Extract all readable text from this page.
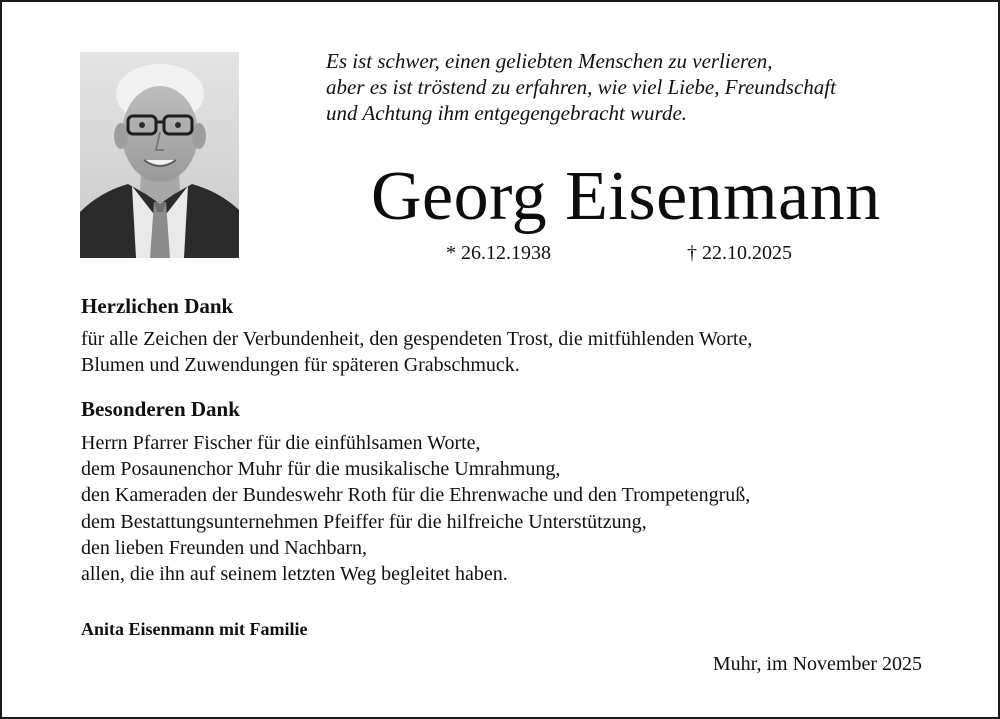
Es ist schwer, einen geliebten Menschen zu verlieren,
aber es ist tröstend zu erfahren, wie viel Liebe, Freundschaft
und Achtung ihm entgegengebracht wurde.
Georg Eisenmann
* 26.12.1938	† 22.10.2025
Herzlichen Dank
für alle Zeichen der Verbundenheit, den gespendeten Trost, die mitfühlenden Worte,
Blumen und Zuwendungen für späteren Grabschmuck.
Besonderen Dank
Herrn Pfarrer Fischer für die einfühlsamen Worte,
dem Posaunenchor Muhr für die musikalische Umrahmung,
den Kameraden der Bundeswehr Roth für die Ehrenwache und den Trompetengruß,
dem Bestattungsunternehmen Pfeiffer für die hilfreiche Unterstützung,
den lieben Freunden und Nachbarn,
allen, die ihn auf seinem letzten Weg begleitet haben.
Anita Eisenmann mit Familie
Muhr, im November 2025
